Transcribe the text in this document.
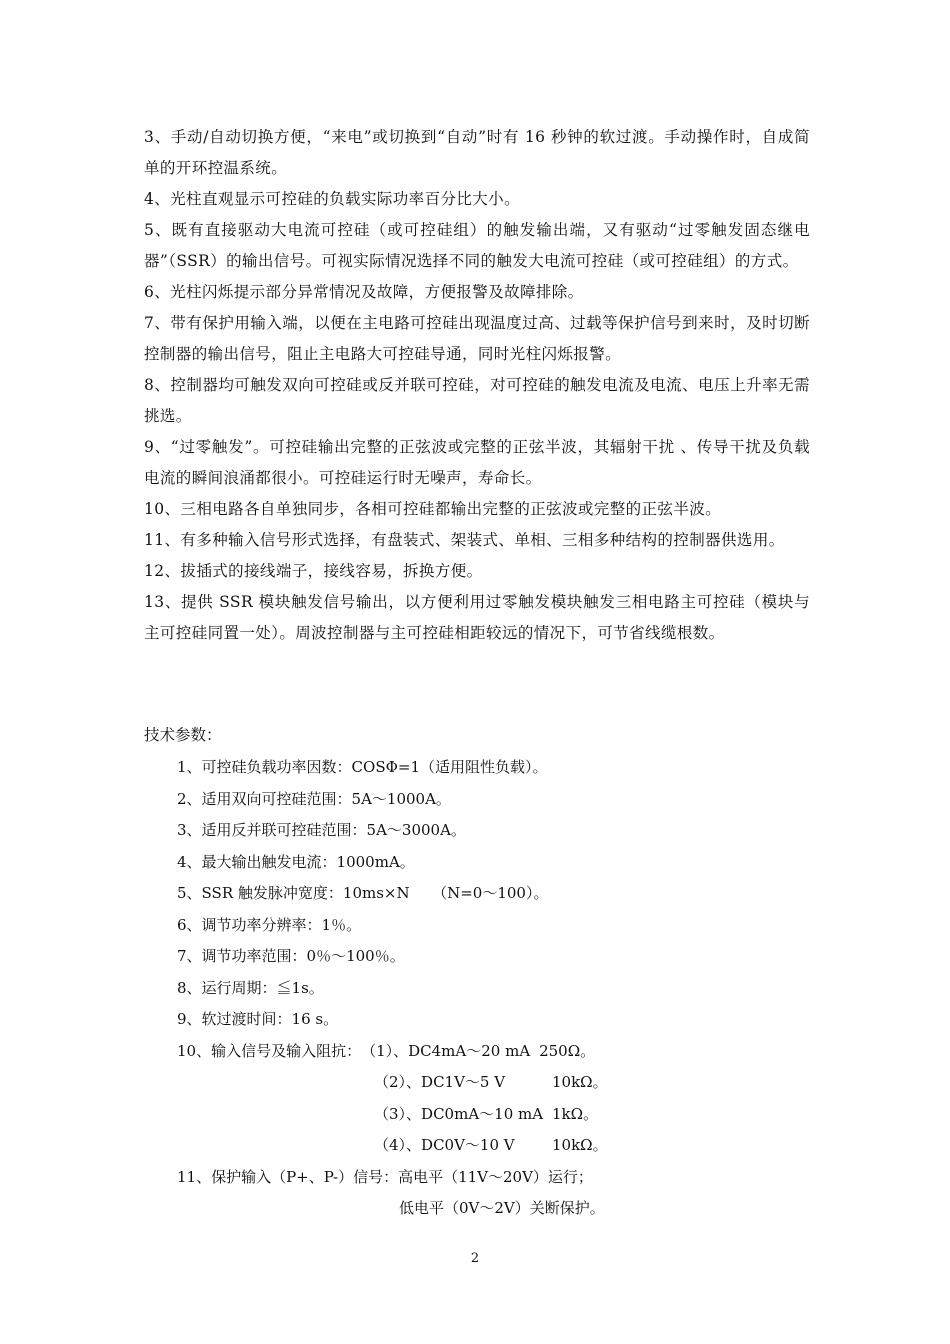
3、手动/自动切换方便，“来电”或切换到“自动”时有 16 秒钟的软过渡。手动操作时，自成简单的开环控温系统。

4、光柱直观显示可控硅的负载实际功率百分比大小。

5、既有直接驱动大电流可控硅（或可控硅组）的触发输出端，又有驱动“过零触发固态继电器”（SSR）的输出信号。可视实际情况选择不同的触发大电流可控硅（或可控硅组）的方式。

6、光柱闪烁提示部分异常情况及故障，方便报警及故障排除。

7、带有保护用输入端，以便在主电路可控硅出现温度过高、过载等保护信号到来时，及时切断控制器的输出信号，阻止主电路大可控硅导通，同时光柱闪烁报警。

8、控制器均可触发双向可控硅或反并联可控硅，对可控硅的触发电流及电流、电压上升率无需挑选。

9、“过零触发”。可控硅输出完整的正弦波或完整的正弦半波，其辐射干扰 、传导干扰及负载电流的瞬间浪涌都很小。可控硅运行时无噪声，寿命长。

10、三相电路各自单独同步，各相可控硅都输出完整的正弦波或完整的正弦半波。

11、有多种输入信号形式选择，有盘装式、架装式、单相、三相多种结构的控制器供选用。

12、拔插式的接线端子，接线容易，拆换方便。

13、提供 SSR 模块触发信号输出，以方便利用过零触发模块触发三相电路主可控硅（模块与主可控硅同置一处）。周波控制器与主可控硅相距较远的情况下，可节省线缆根数。

技术参数：
1、可控硅负载功率因数：COSΦ=1（适用阻性负载）。
2、适用双向可控硅范围：5A～1000A。
3、适用反并联可控硅范围：5A～3000A。
4、最大输出触发电流：1000mA。
5、SSR 触发脉冲宽度：10ms×N　　（N=0～100）。
6、调节功率分辨率：1％。
7、调节功率范围：0％～100％。
8、运行周期：≦1s。
9、软过渡时间：16 s。
10、输入信号及输入阻抗：（1）、DC4mA～20 mA 250Ω。
（2）、DC1V～5 V	10kΩ。
（3）、DC0mA～10 mA 1kΩ。
（4）、DC0V～10 V 10kΩ。
11、保护输入（P+、P-）信号：高电平（11V～20V）运行；
低电平（0V～2V）关断保护。
2
